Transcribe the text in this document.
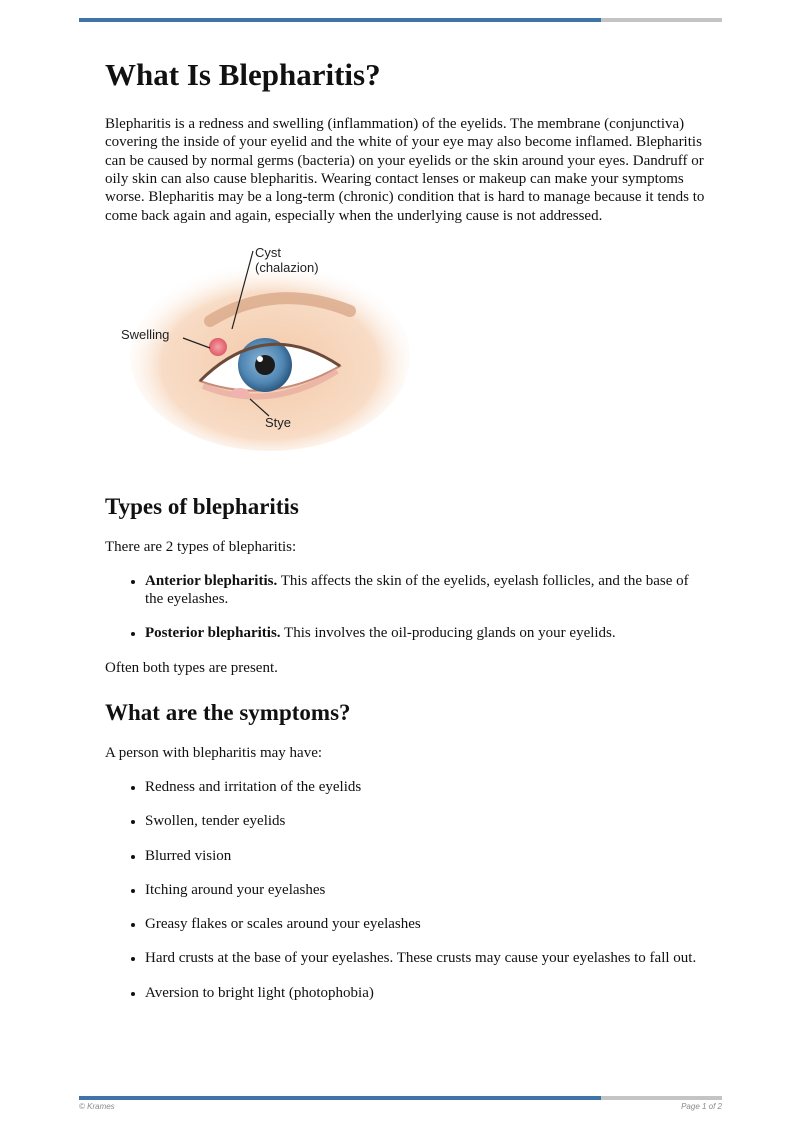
What Is Blepharitis?

Blepharitis is a redness and swelling (inflammation) of the eyelids. The membrane (conjunctiva) covering the inside of your eyelid and the white of your eye may also become inflamed. Blepharitis can be caused by normal germs (bacteria) on your eyelids or the skin around your eyes. Dandruff or oily skin can also cause blepharitis. Wearing contact lenses or makeup can make your symptoms worse. Blepharitis may be a long-term (chronic) condition that is hard to manage because it tends to come back again and again, especially when the underlying cause is not addressed.

Cyst
(chalazion)
Swelling
Stye
Types of blepharitis

There are 2 types of blepharitis:

• Anterior blepharitis. This affects the skin of the eyelids, eyelash follicles, and the base of the eyelashes.
• Posterior blepharitis. This involves the oil-producing glands on your eyelids.

Often both types are present.

What are the symptoms?

A person with blepharitis may have:

• Redness and irritation of the eyelids
• Swollen, tender eyelids
• Blurred vision
• Itching around your eyelashes
• Greasy flakes or scales around your eyelashes
• Hard crusts at the base of your eyelashes. These crusts may cause your eyelashes to fall out.
• Aversion to bright light (photophobia)
© Krames	Page 1 of 2
